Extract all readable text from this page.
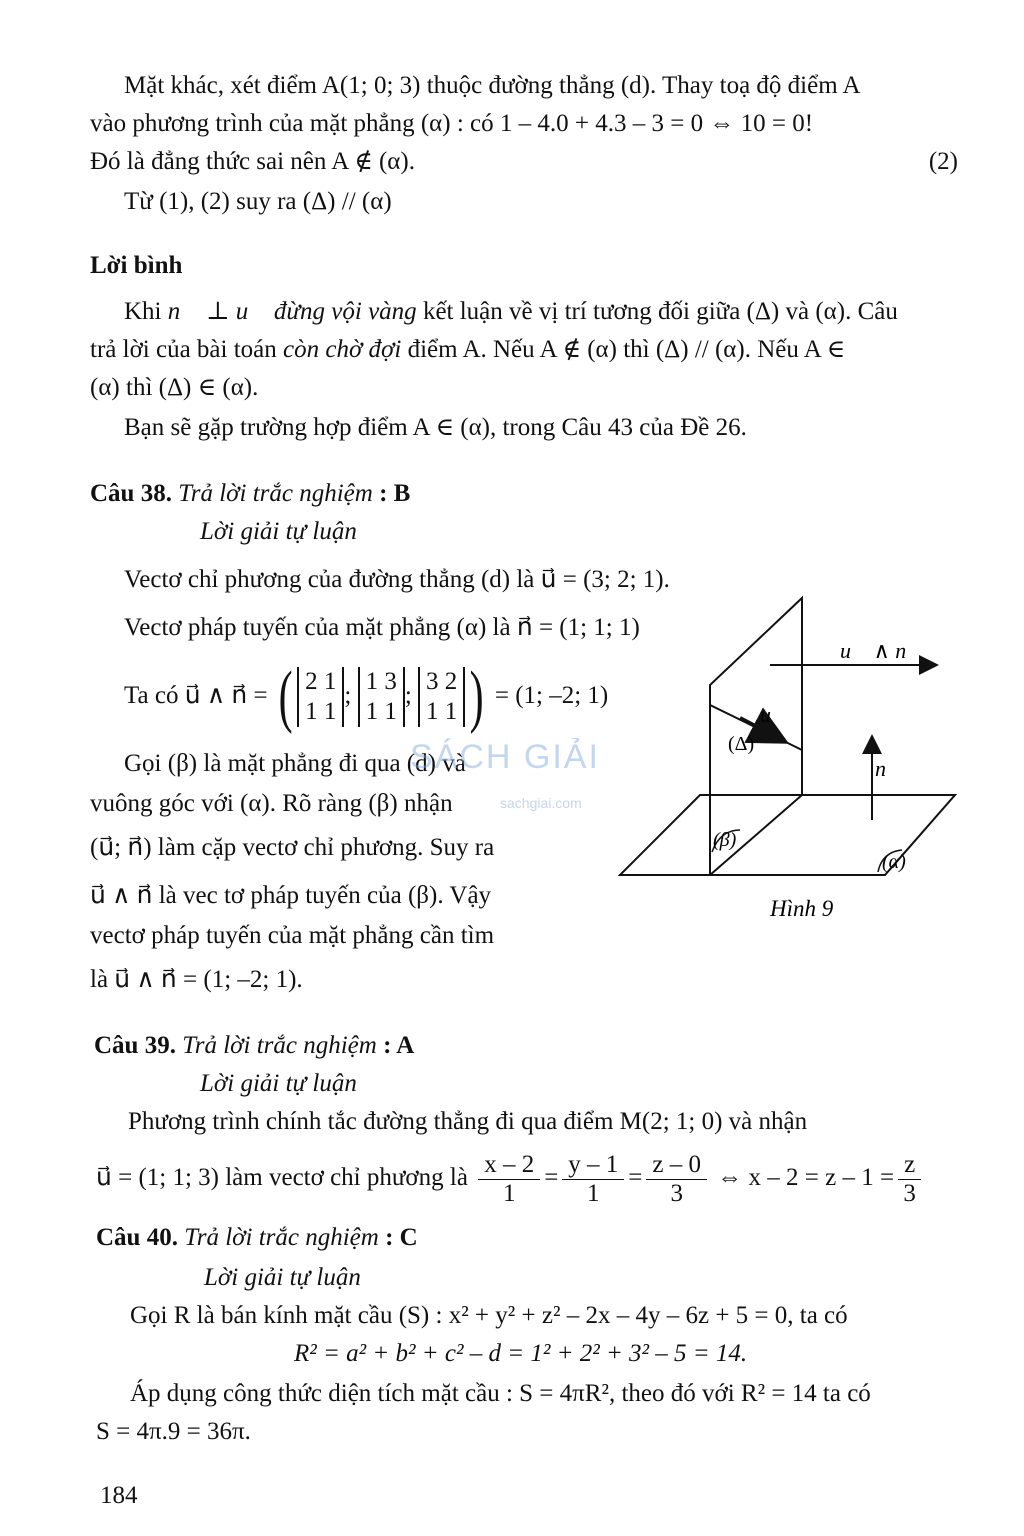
Mặt khác, xét điểm A(1; 0; 3) thuộc đường thẳng (d). Thay toạ độ điểm A
vào phương trình của mặt phẳng (α) : có 1 – 4.0 + 4.3 – 3 = 0 ⇔ 10 = 0!
Đó là đẳng thức sai nên A ∉ (α).	(2)
Từ (1), (2) suy ra (Δ) // (α)
Lời bình
Khi n⃗ ⊥ u⃗ đừng vội vàng kết luận về vị trí tương đối giữa (Δ) và (α). Câu
trả lời của bài toán còn chờ đợi điểm A. Nếu A ∉ (α) thì (Δ) // (α). Nếu A ∈
(α) thì (Δ) ∈ (α).
Bạn sẽ gặp trường hợp điểm A ∈ (α), trong Câu 43 của Đề 26.
Câu 38. Trả lời trắc nghiệm : B
Lời giải tự luận
Vectơ chỉ phương của đường thẳng (d) là u⃗ = (3; 2; 1).
Vectơ pháp tuyến của mặt phẳng (α) là n⃗ = (1; 1; 1)
Ta có u⃗ ∧ n⃗ = ( 2 1
1 1; 1 3
1 1; 3 2
1 1 ) = (1; –2; 1)
Gọi (β) là mặt phẳng đi qua (d) và
vuông góc với (α). Rõ ràng (β) nhận
(u⃗; n⃗) làm cặp vectơ chỉ phương. Suy ra
u⃗ ∧ n⃗ là vec tơ pháp tuyến của (β). Vậy
vectơ pháp tuyến của mặt phẳng cần tìm
là u⃗ ∧ n⃗ = (1; –2; 1).
SÁCH GIẢI
sachgiai.com
u⃗ ∧ n⃗
u⃗
n⃗
(Δ)
(β)
(α)
Hình 9
Câu 39. Trả lời trắc nghiệm : A
Lời giải tự luận
Phương trình chính tắc đường thẳng đi qua điểm M(2; 1; 0) và nhận
u⃗ = (1; 1; 3) làm vectơ chỉ phương là $\frac{x - 2}{1} = \frac{y - 1}{1} = \frac{z - 0}{3}$ ⇔ $x - 2 = z - 1 = \frac{z}{3}$
Câu 40. Trả lời trắc nghiệm : C
Lời giải tự luận
Gọi R là bán kính mặt cầu (S) : x² + y² + z² – 2x – 4y – 6z + 5 = 0, ta có
R² = a² + b² + c² – d = 1² + 2² + 3² – 5 = 14.
Áp dụng công thức diện tích mặt cầu : S = 4πR², theo đó với R² = 14 ta có
S = 4π.9 = 36π.
184
